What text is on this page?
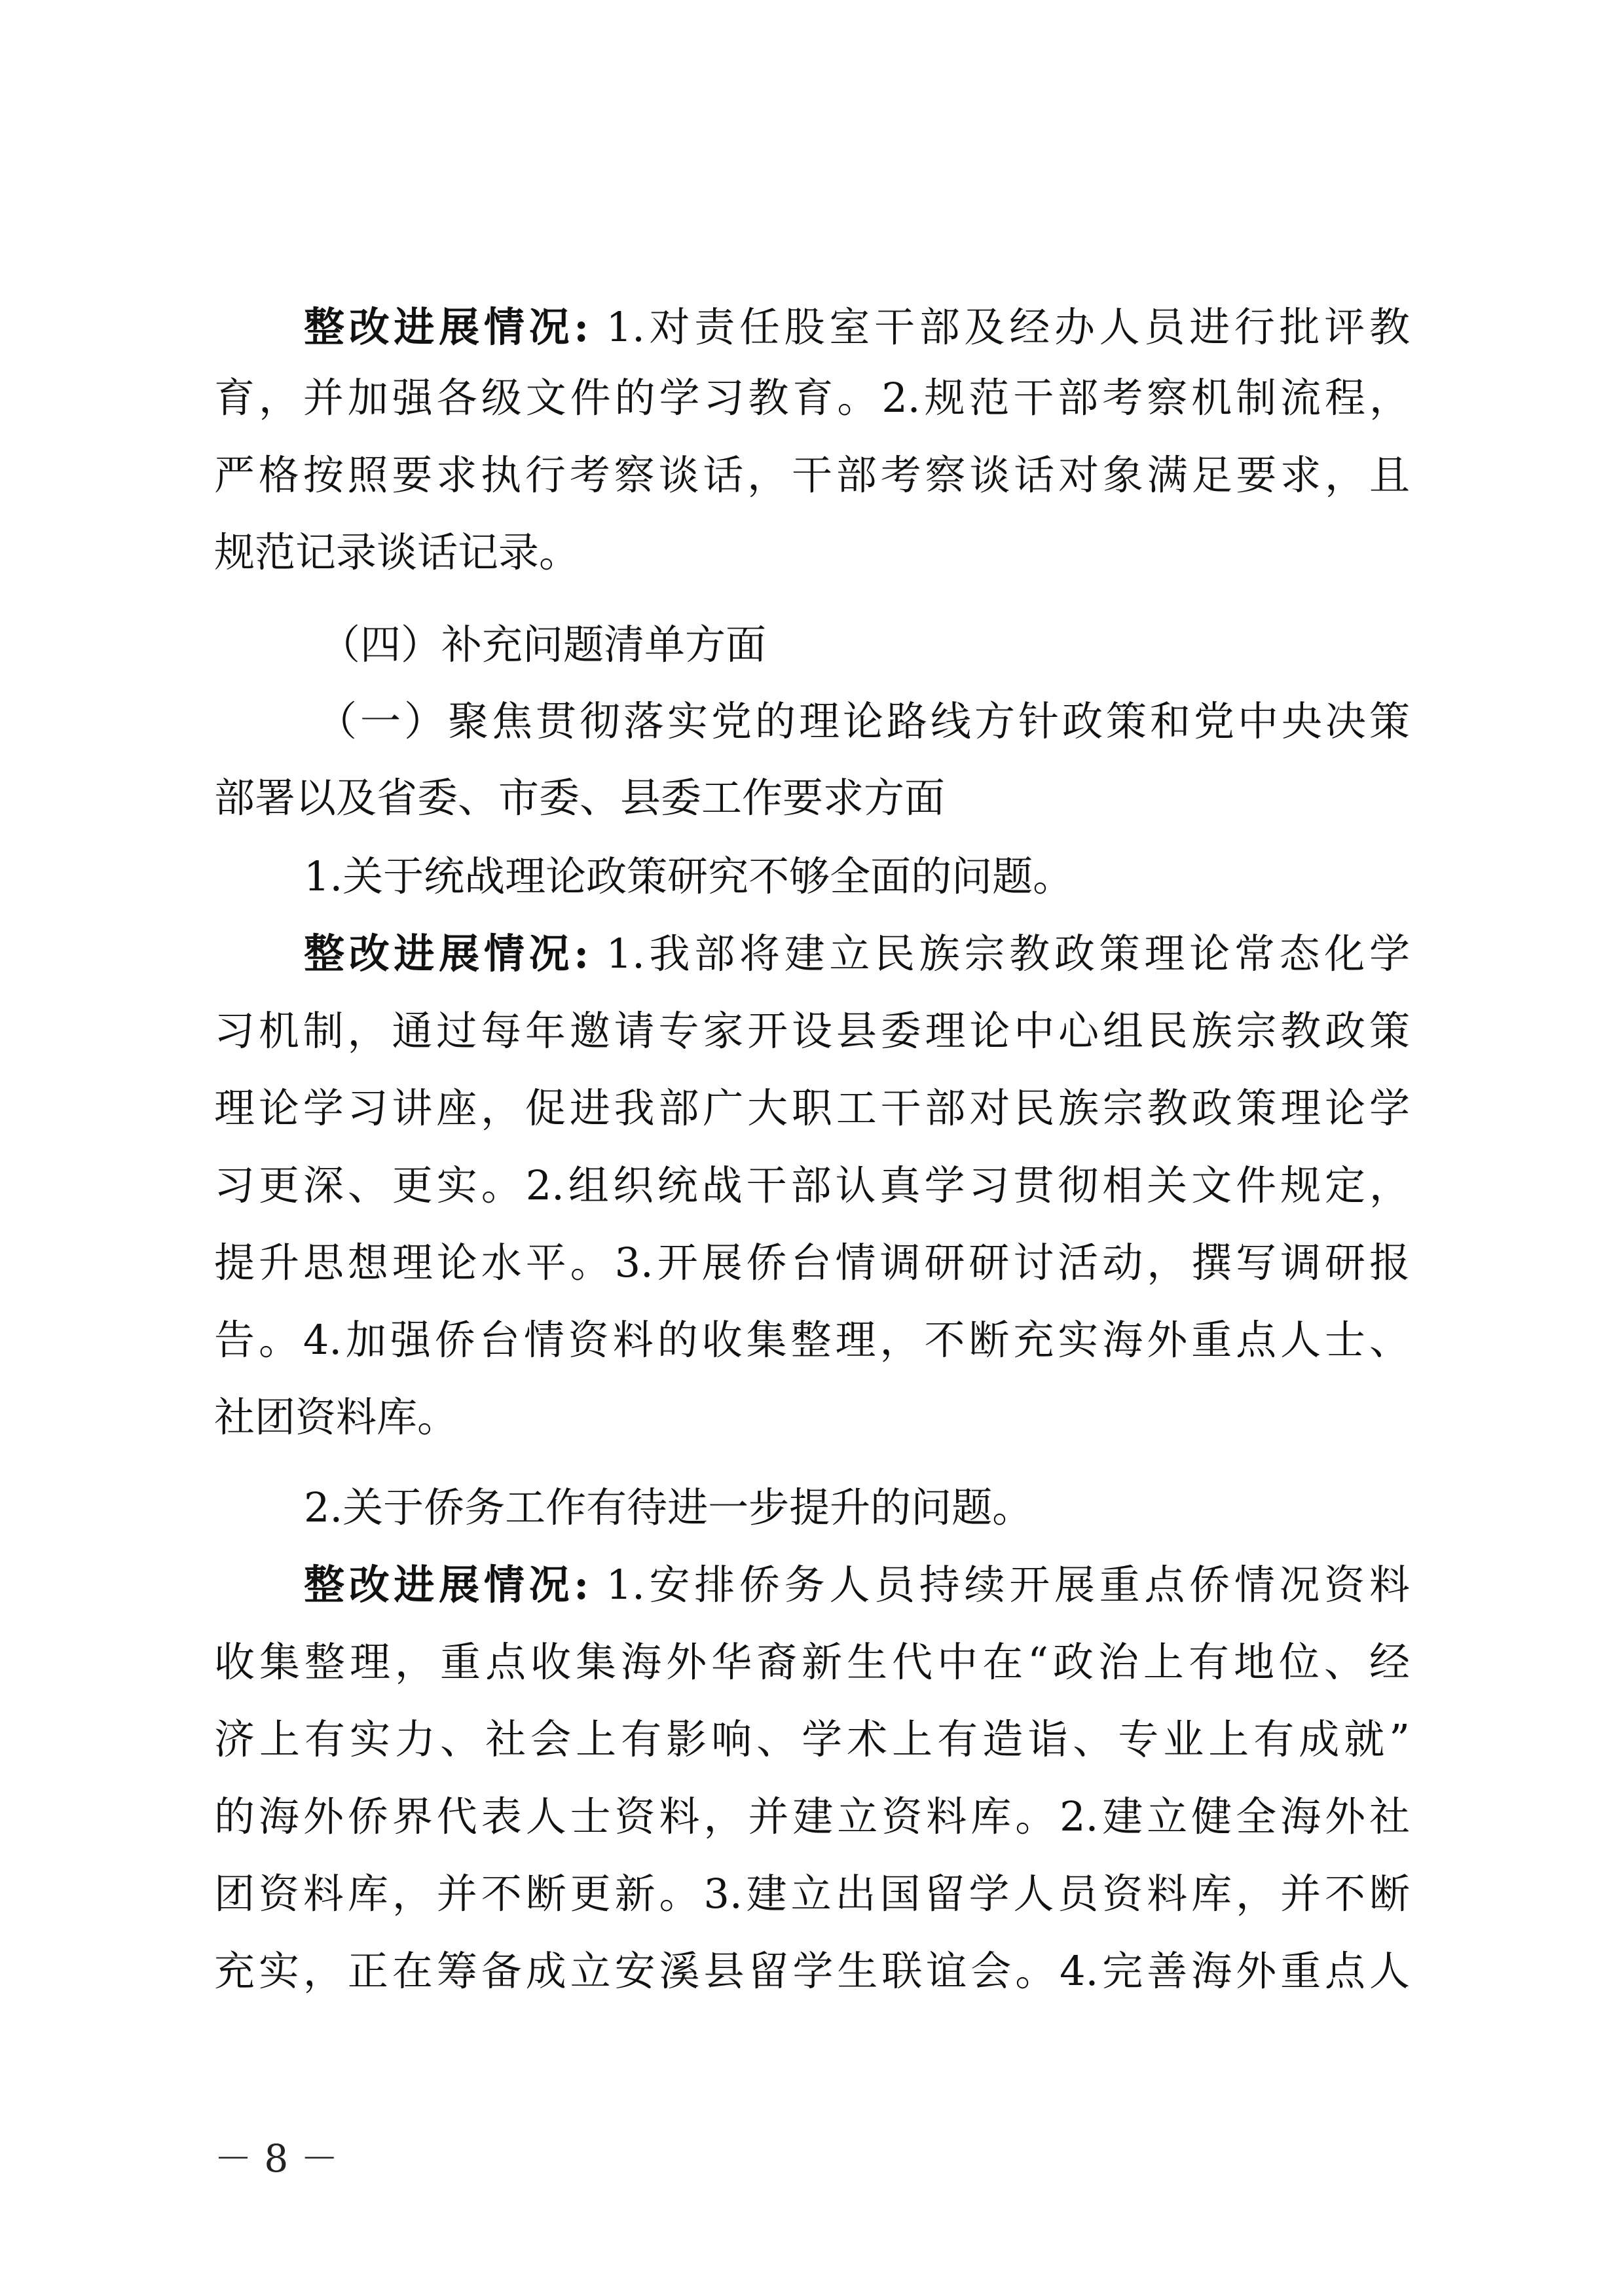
整改进展情况: 1.对责任股室干部及经办人员进行批评教
育，并加强各级文件的学习教育。2.规范干部考察机制流程，
严格按照要求执行考察谈话，干部考察谈话对象满足要求，且
规范记录谈话记录。
（四）补充问题清单方面
（一）聚焦贯彻落实党的理论路线方针政策和党中央决策
部署以及省委、市委、县委工作要求方面
1.关于统战理论政策研究不够全面的问题。
整改进展情况: 1.我部将建立民族宗教政策理论常态化学
习机制，通过每年邀请专家开设县委理论中心组民族宗教政策
理论学习讲座，促进我部广大职工干部对民族宗教政策理论学
习更深、更实。2.组织统战干部认真学习贯彻相关文件规定，
提升思想理论水平。3.开展侨台情调研研讨活动，撰写调研报
告。4.加强侨台情资料的收集整理，不断充实海外重点人士、
社团资料库。
2.关于侨务工作有待进一步提升的问题。
整改进展情况: 1.安排侨务人员持续开展重点侨情况资料
收集整理，重点收集海外华裔新生代中在“政治上有地位、经
济上有实力、社会上有影响、学术上有造诣、专业上有成就”
的海外侨界代表人士资料，并建立资料库。2.建立健全海外社
团资料库，并不断更新。3.建立出国留学人员资料库，并不断
充实，正在筹备成立安溪县留学生联谊会。4.完善海外重点人
－ 8 －
